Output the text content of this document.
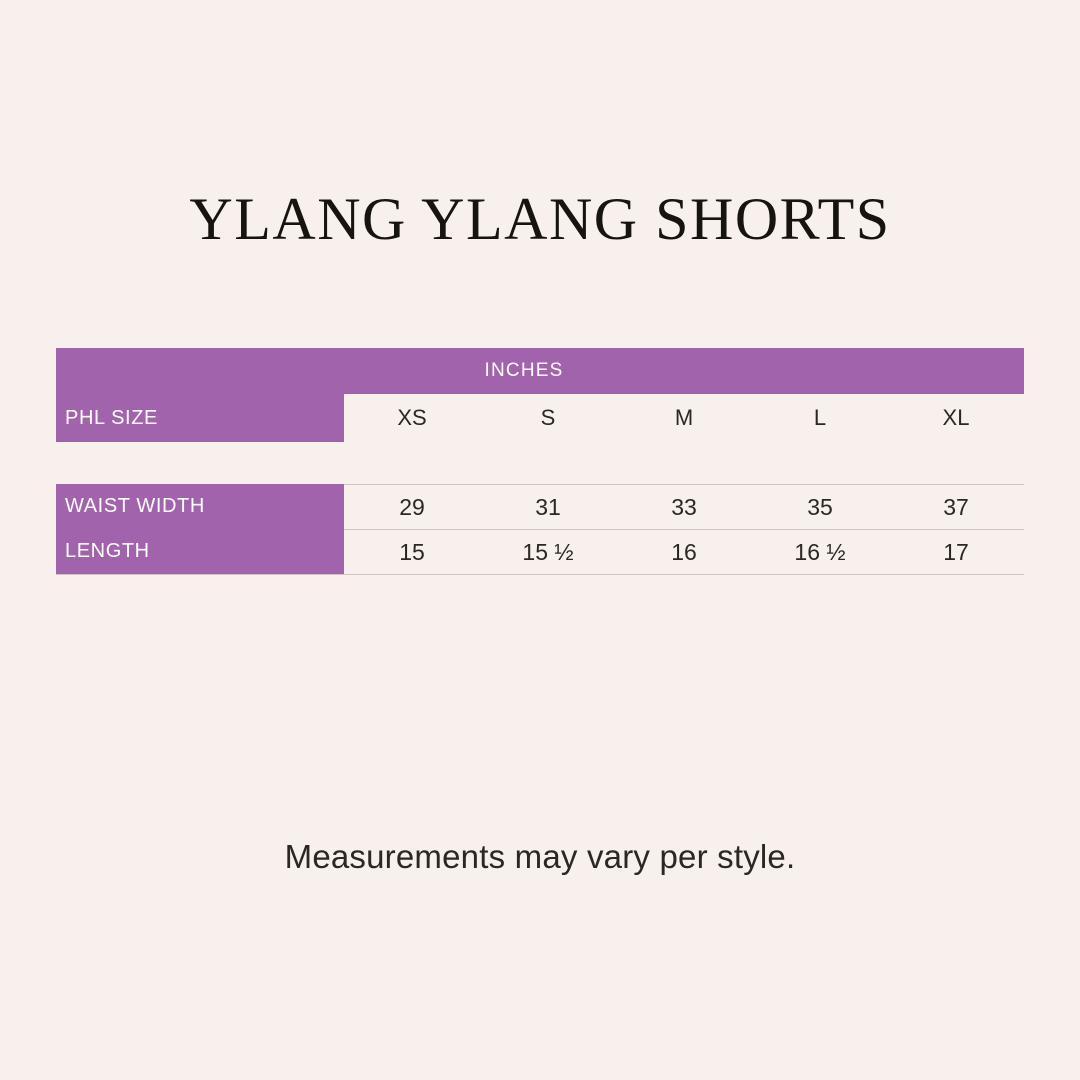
YLANG YLANG SHORTS
INCHES
PHL SIZE	XS	S	M	L	XL
WAIST WIDTH	29	31	33	35	37
LENGTH	15	15 ½	16	16 ½	17
Measurements may vary per style.
